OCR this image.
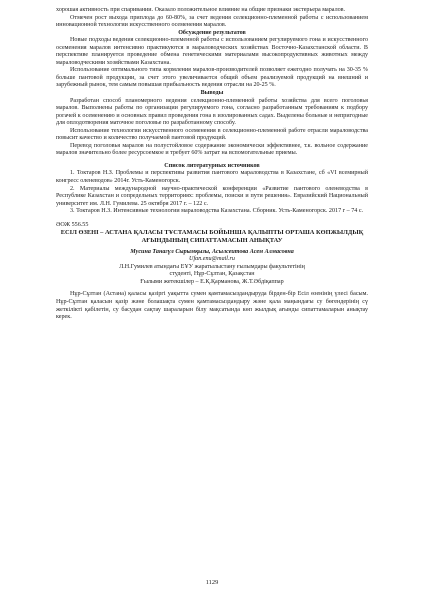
хорошая активность при спаривании. Оказало положительное влияние на общие признаки экстерьера маралов.

Отмечен рост выхода приплода до 60-80%, за счет ведения селекционно-племенной работы с использованием инновационной технологии искусственного осеменения маралов.

Обсуждение результатов

Новые подходы ведения селекционно-племенной работы с использованием регулируемого гона и искусственного осеменения маралов интенсивно практикуются в мараловодческих хозяйствах Восточно-Казахстанской области. В перспективе планируется проведение обмена генетическими материалами высокопродуктивных животных между мараловодческими хозяйствами Казахстана.

Использование оптимального типа кормления маралов-производителей позволяет ежегодно получать на 30-35 % больше пантовой продукции, за счет этого увеличивается общий объем реализуемой продукций на внешний и зарубежный рынок, тем самым повышая прибыльность ведения отрасли на 20-25 %.

Выводы

Разработан способ планомерного ведения селекционно-племенной работы хозяйства для всего поголовья маралов. Выполнены работы по организации регулируемого гона, согласно разработанным требованиям к подбору рогачей к осеменению и основных правил проведения гона в изолированных садах. Выделены больные и непригодные для оплодотворения маточное поголовье по разработанному способу.

Использование технологии искусственного осеменения в селекционно-племенной работе отрасли мараловодства повысит качество и количество получаемой пантовой продукций.

Перевод поголовья маралов на полустойловое содержание экономически эффективнее, т.к. вольное содержание маралов значительно более ресурсоемкое и требует 60% затрат на вспомогательные приемы.

Список литературных источников

1. Токтаров Н.З. Проблемы и перспективы развития пантового мараловодства в Казахстане, сб «VI всемирный конгресс оленеводов» 2014г. Усть-Каменогорск.

2. Материалы международной научно-практической конференции «Развитие пантового оленеводства в Республике Казахстан и сопредельных территориях: проблемы, поиски и пути решения». Евразийский Национальный университет им. Л.Н. Гумилева. 25 октября 2017 г. – 122 с.

3. Токтаров Н.З. Интенсивные технологии мараловодства Казахстана. Сборник. Усть-Каменогорск. 2017 г – 74 с.

ӘОЖ 556.55

ЕСІЛ ӨЗЕНІ – АСТАНА ҚАЛАСЫ ТҰСТАМАСЫ БОЙЫНША ҚАЛЫПТЫ ОРТАША КӨПЖЫЛДЫҚ АҒЫНДЫНЫҢ СИПАТТАМАСЫН АНЫҚТАУ

Мусина Танагүл Сырымқызы, Асылсеитова Асем Алмасовна

Ufan.enu@mail.ru

Л.Н.Гумилев атындағы ЕҰУ жаратылыстану ғылымдары факультетінің

студенті, Нұр-Сұлтан, Қазақстан

Ғылыми жетекшілер – Е.Қ.Қарманова, Ж.Т.Әбдіқаппар

Нұр-Сұлтан (Астана) қаласы қазіргі уақытта сумен қамтамасыздандыруда бірден-бір Есіл өзенінің үлесі басым. Нұр-Сұлтан қаласын қазір және болашақта сумен қамтамасыздандыру және қала маңындағы су бөгендерінің сү жеткілікті қабілетін, су басудан сақтау шараларын білу мақсатында көп жылдық ағынды сипаттамаларын анықтау керек.

1129
